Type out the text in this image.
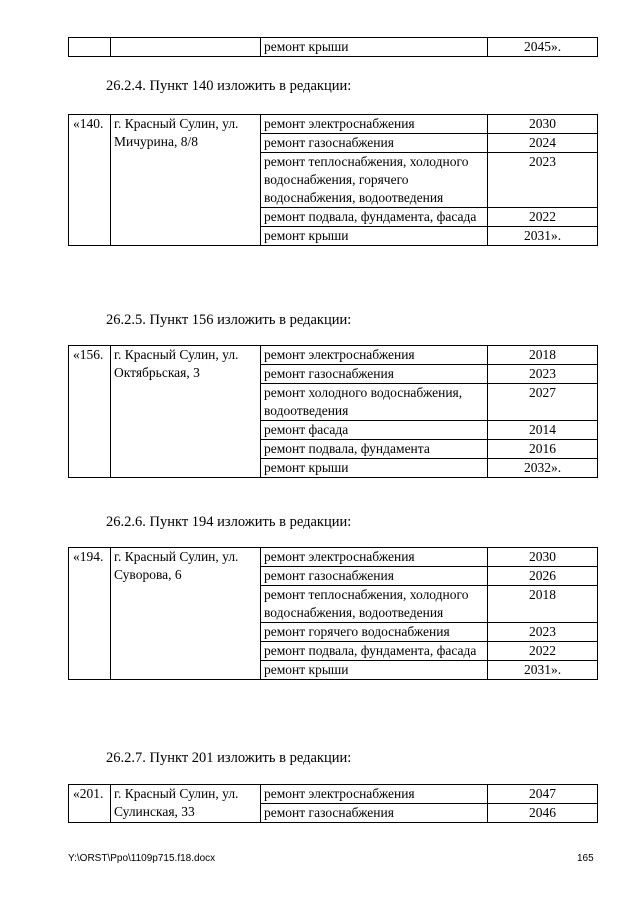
		ремонт крыши	2045».
26.2.4. Пункт 140 изложить в редакции:
«140.	г. Красный Сулин, ул. Мичурина, 8/8	ремонт электроснабжения	2030
		ремонт газоснабжения	2024
		ремонт теплоснабжения, холодного водоснабжения, горячего водоснабжения, водоотведения	2023
		ремонт подвала, фундамента, фасада	2022
		ремонт крыши	2031».
26.2.5. Пункт 156 изложить в редакции:
«156.	г. Красный Сулин, ул. Октябрьская, 3	ремонт электроснабжения	2018
		ремонт газоснабжения	2023
		ремонт холодного водоснабжения, водоотведения	2027
		ремонт фасада	2014
		ремонт подвала, фундамента	2016
		ремонт крыши	2032».
26.2.6. Пункт 194 изложить в редакции:
«194.	г. Красный Сулин, ул. Суворова, 6	ремонт электроснабжения	2030
		ремонт газоснабжения	2026
		ремонт теплоснабжения, холодного водоснабжения, водоотведения	2018
		ремонт горячего водоснабжения	2023
		ремонт подвала, фундамента, фасада	2022
		ремонт крыши	2031».
26.2.7. Пункт 201 изложить в редакции:
«201.	г. Красный Сулин, ул. Сулинская, 33	ремонт электроснабжения	2047
		ремонт газоснабжения	2046
Y:\ORST\Ppo\1109p715.f18.docx	165
